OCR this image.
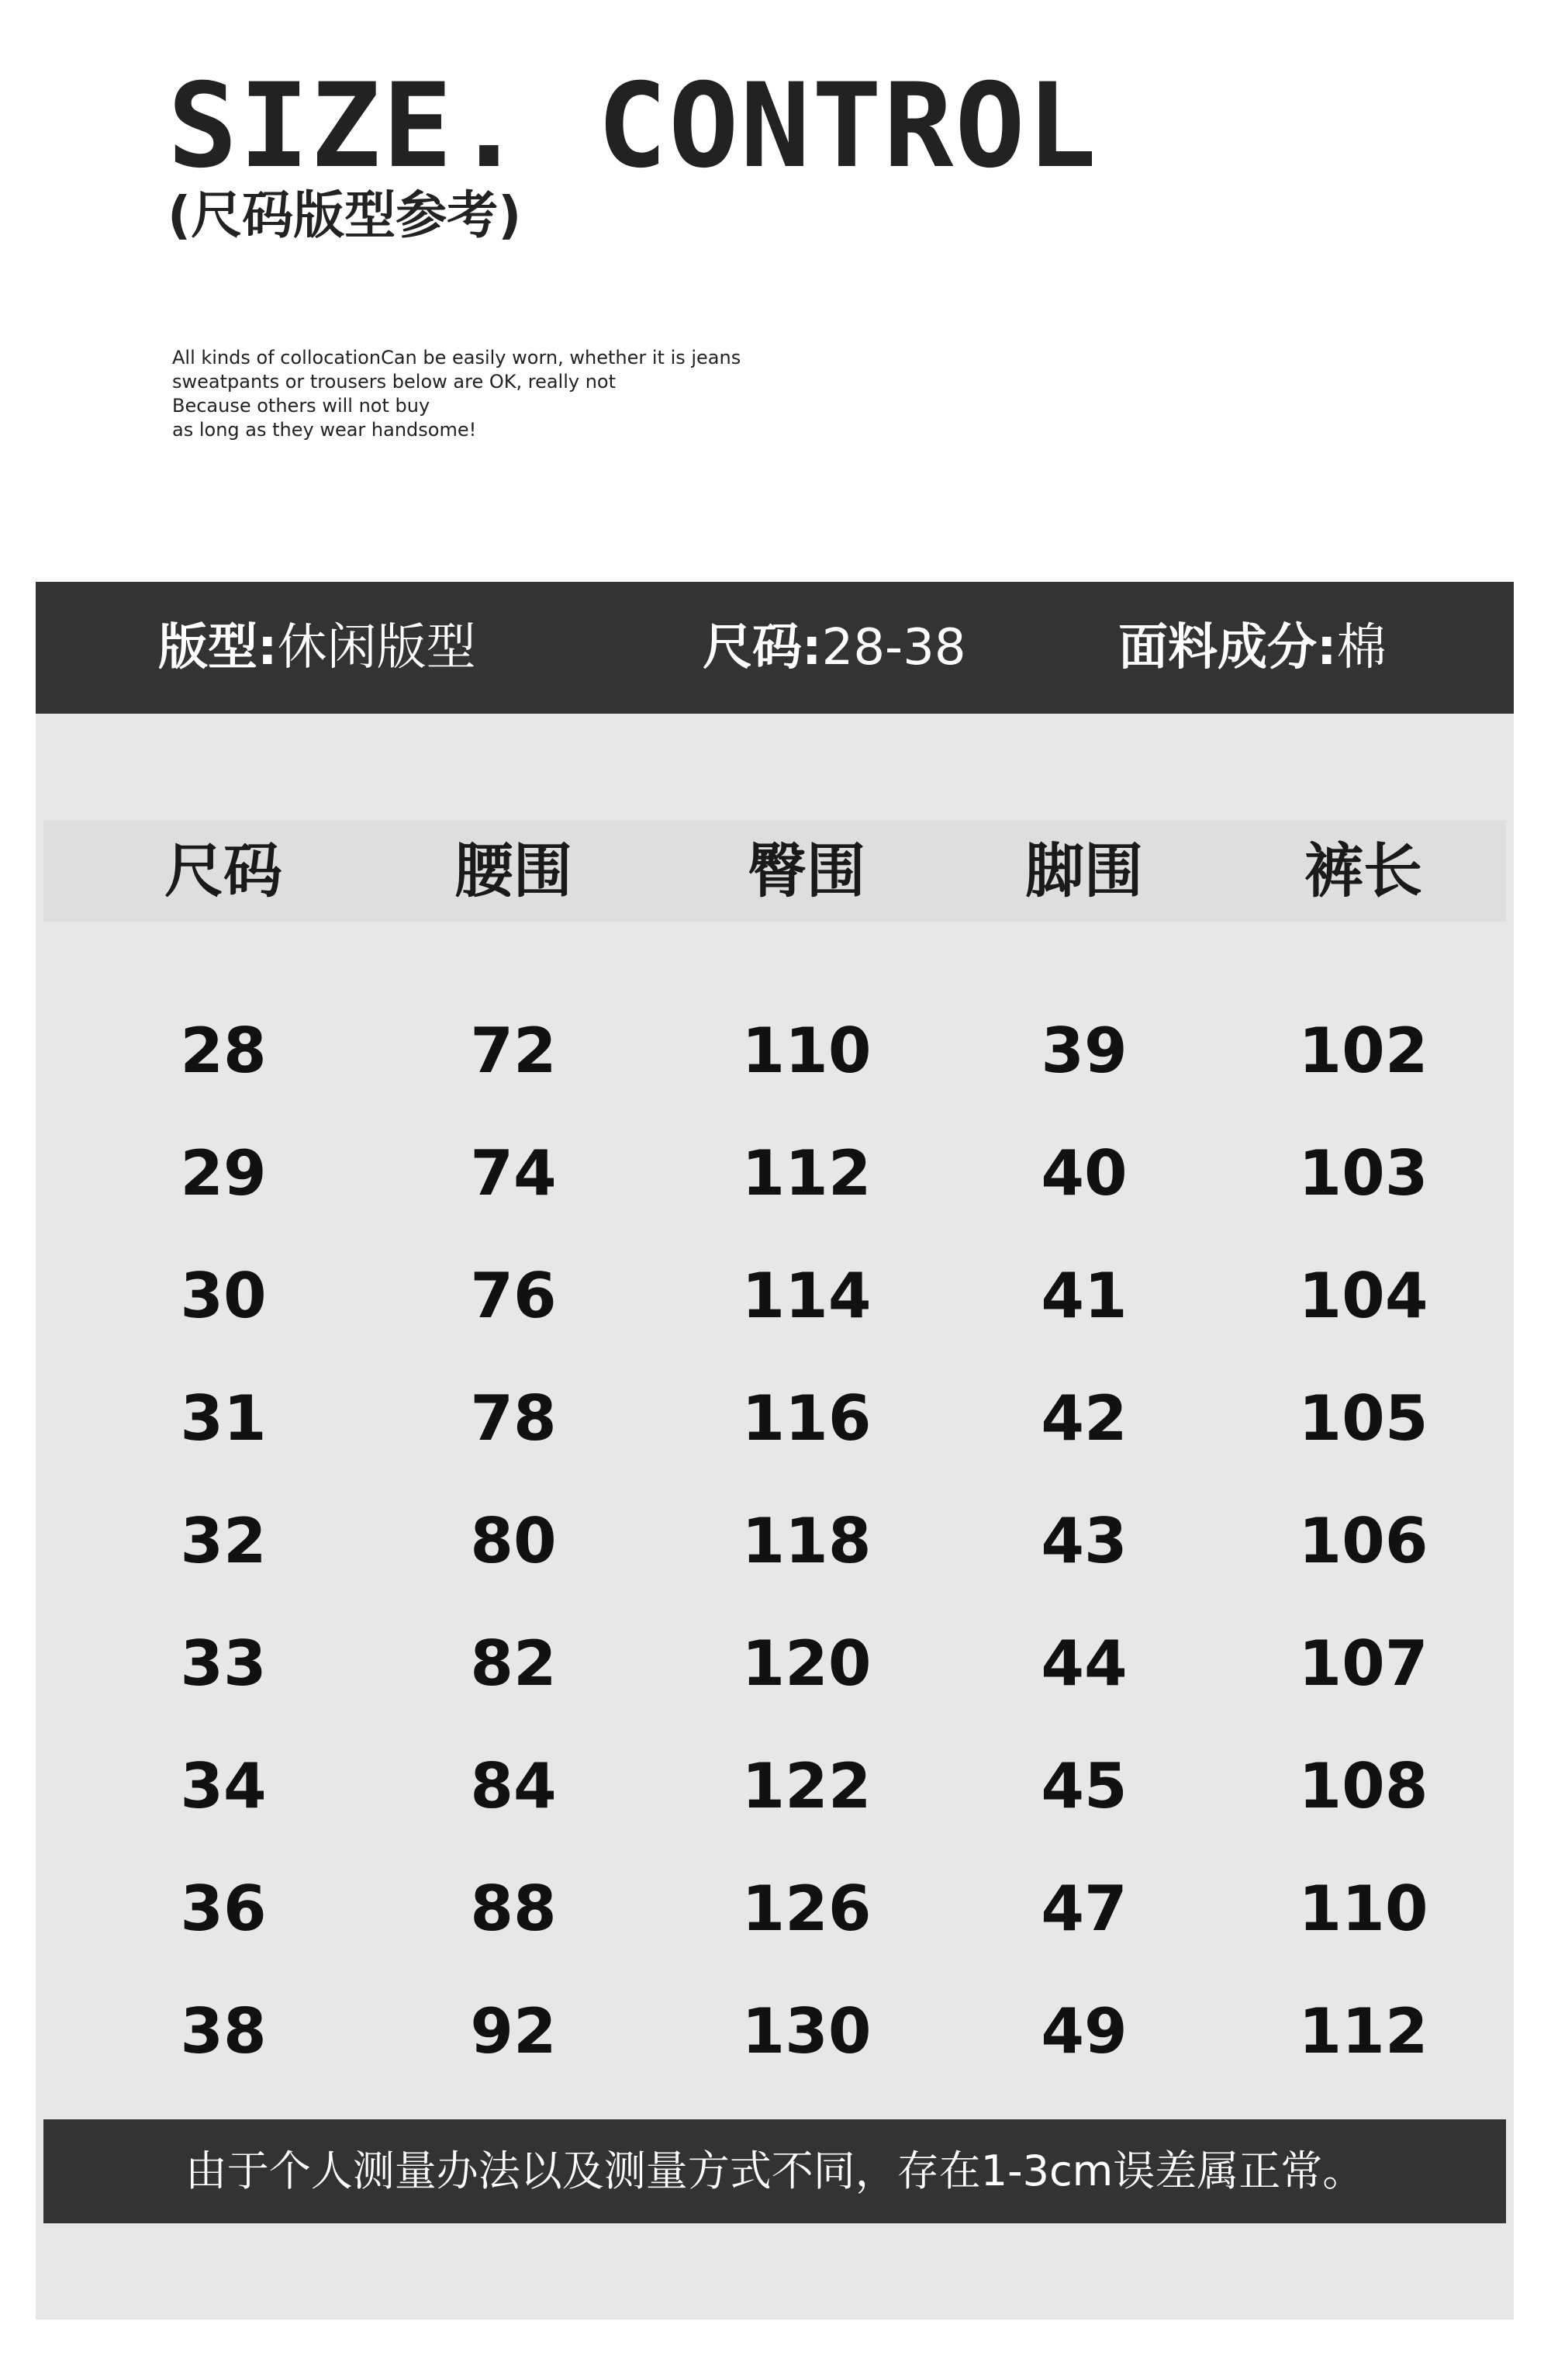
SIZE. CONTROL
(尺码版型参考)
All kinds of collocationCan be easily worn, whether it is jeans
sweatpants or trousers below are OK, really not
Because others will not buy
as long as they wear handsome!
版型:休闲版型	尺码:28-38	面料成分:棉
尺码	腰围	臀围	脚围	裤长
28	72	110	39	102
29	74	112	40	103
30	76	114	41	104
31	78	116	42	105
32	80	118	43	106
33	82	120	44	107
34	84	122	45	108
36	88	126	47	110
38	92	130	49	112
由于个人测量办法以及测量方式不同，存在1-3cm误差属正常。
